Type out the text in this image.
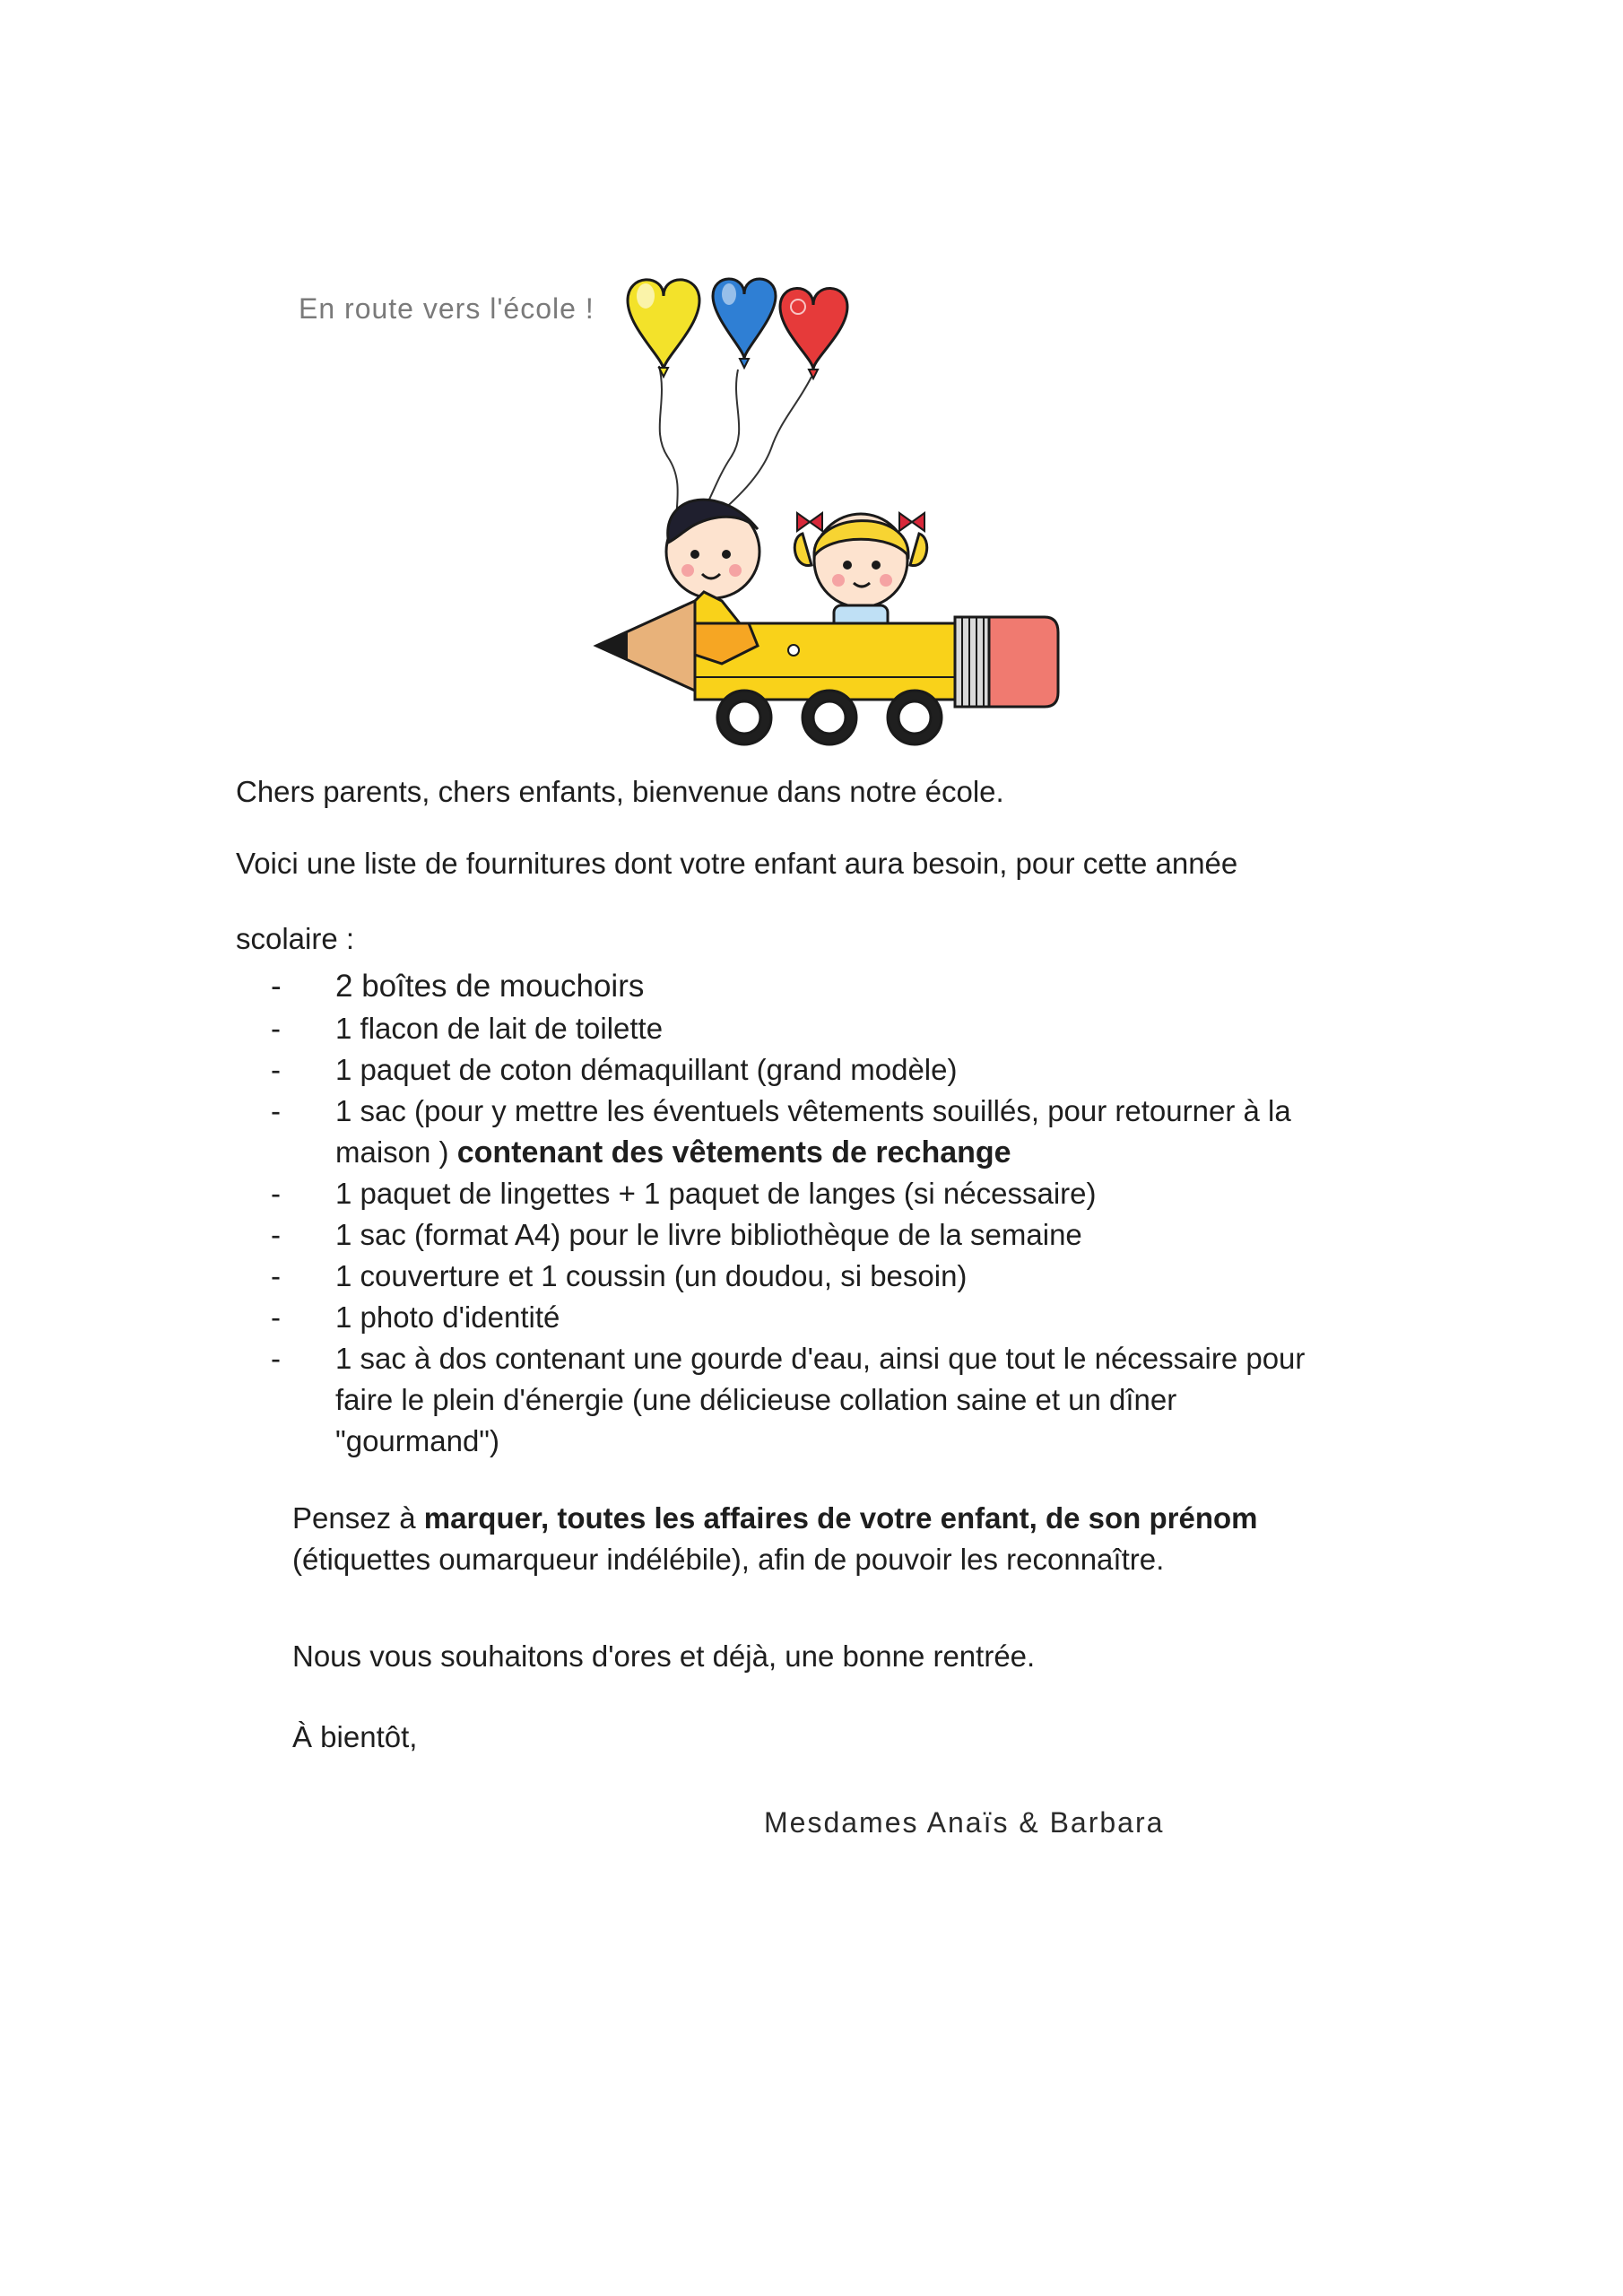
En route vers l'école !
Chers parents, chers enfants, bienvenue dans notre école.
Voici une liste de fournitures dont votre enfant aura besoin, pour cette année
scolaire :
- 2 boîtes de mouchoirs
- 1 flacon de lait de toilette
- 1 paquet de coton démaquillant (grand modèle)
- 1 sac (pour y mettre les éventuels vêtements souillés, pour retourner à la
maison ) contenant des vêtements de rechange
- 1 paquet de lingettes + 1 paquet de langes (si nécessaire)
- 1 sac (format A4) pour le livre bibliothèque de la semaine
- 1 couverture et 1 coussin (un doudou, si besoin)
- 1 photo d'identité
- 1 sac à dos contenant une gourde d'eau, ainsi que tout le nécessaire pour
faire le plein d'énergie (une délicieuse collation saine et un dîner
"gourmand")
Pensez à marquer, toutes les affaires de votre enfant, de son prénom
(étiquettes oumarqueur indélébile), afin de pouvoir les reconnaître.
Nous vous souhaitons d'ores et déjà, une bonne rentrée.
À bientôt,
Mesdames Anaïs & Barbara
